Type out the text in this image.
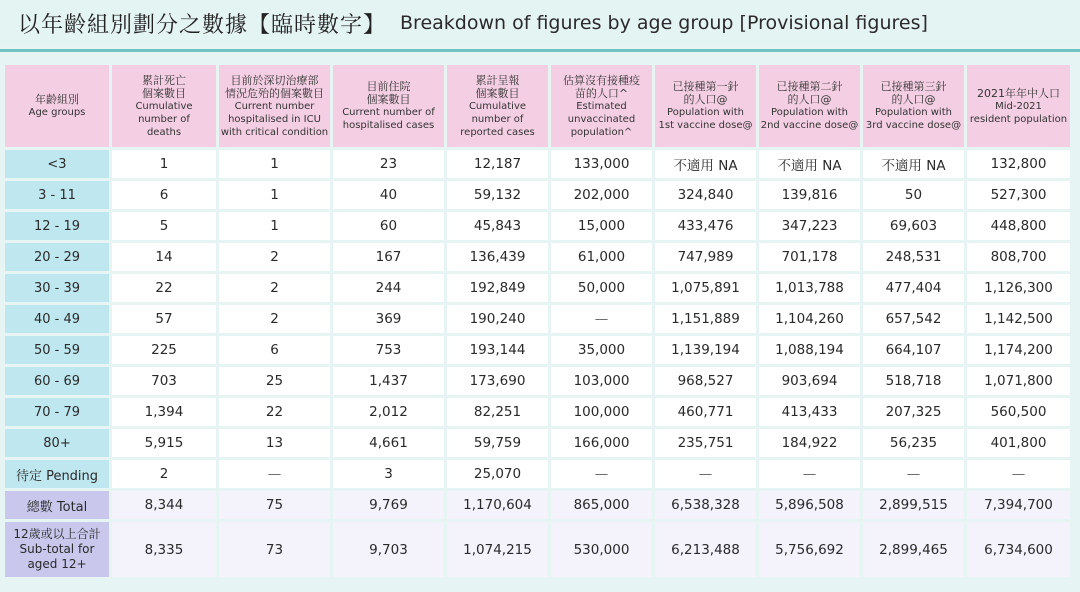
以年齡組別劃分之數據【臨時數字】 Breakdown of figures by age group [Provisional figures]
年齡組別
Age groups	累計死亡
個案數目
Cumulative
number of
deaths	目前於深切治療部
情況危殆的個案數目
Current number
hospitalised in ICU
with critical condition	目前住院
個案數目
Current number of
hospitalised cases	累計呈報
個案數目
Cumulative
number of
reported cases	估算沒有接種疫
苗的人口^
Estimated
unvaccinated
population^	已接種第一針
的人口@
Population with
1st vaccine dose@	已接種第二針
的人口@
Population with
2nd vaccine dose@	已接種第三針
的人口@
Population with
3rd vaccine dose@	2021年年中人口
Mid-2021
resident population

<3	1	1	23	12,187	133,000	不適用 NA	不適用 NA	不適用 NA	132,800
3 - 11	6	1	40	59,132	202,000	324,840	139,816	50	527,300
12 - 19	5	1	60	45,843	15,000	433,476	347,223	69,603	448,800
20 - 29	14	2	167	136,439	61,000	747,989	701,178	248,531	808,700
30 - 39	22	2	244	192,849	50,000	1,075,891	1,013,788	477,404	1,126,300
40 - 49	57	2	369	190,240	—	1,151,889	1,104,260	657,542	1,142,500
50 - 59	225	6	753	193,144	35,000	1,139,194	1,088,194	664,107	1,174,200
60 - 69	703	25	1,437	173,690	103,000	968,527	903,694	518,718	1,071,800
70 - 79	1,394	22	2,012	82,251	100,000	460,771	413,433	207,325	560,500
80+	5,915	13	4,661	59,759	166,000	235,751	184,922	56,235	401,800
待定 Pending	2	—	3	25,070	—	—	—	—	—
總數 Total	8,344	75	9,769	1,170,604	865,000	6,538,328	5,896,508	2,899,515	7,394,700
12歲或以上合計
Sub-total for
aged 12+	8,335	73	9,703	1,074,215	530,000	6,213,488	5,756,692	2,899,465	6,734,600
